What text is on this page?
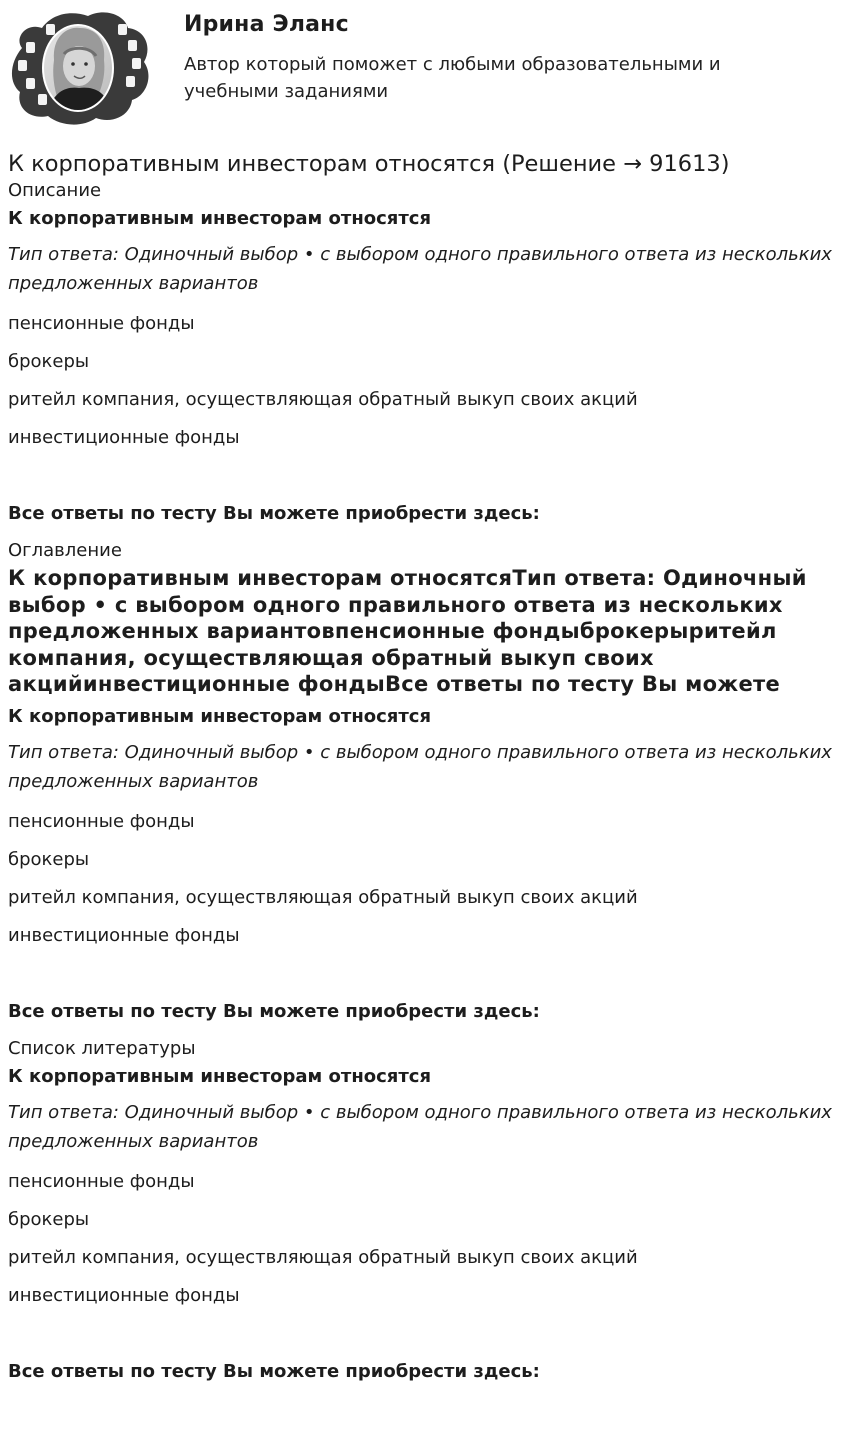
Ирина Эланс
Автор который поможет с любыми образовательными и учебными заданиями
К корпоративным инвесторам относятся (Решение → 91613)
Описание
К корпоративным инвесторам относятся
Тип ответа: Одиночный выбор • с выбором одного правильного ответа из нескольких предложенных вариантов
пенсионные фонды
брокеры
ритейл компания, осуществляющая обратный выкуп своих акций
инвестиционные фонды
Все ответы по тесту Вы можете приобрести здесь:
Оглавление
К корпоративным инвесторам относятсяТип ответа: Одиночный выбор • с выбором одного правильного ответа из нескольких предложенных вариантовпенсионные фондыброкерыритейл компания, осуществляющая обратный выкуп своих акцийинвестиционные фондыВсе ответы по тесту Вы можете
К корпоративным инвесторам относятся
Тип ответа: Одиночный выбор • с выбором одного правильного ответа из нескольких предложенных вариантов
пенсионные фонды
брокеры
ритейл компания, осуществляющая обратный выкуп своих акций
инвестиционные фонды
Все ответы по тесту Вы можете приобрести здесь:
Список литературы
К корпоративным инвесторам относятся
Тип ответа: Одиночный выбор • с выбором одного правильного ответа из нескольких предложенных вариантов
пенсионные фонды
брокеры
ритейл компания, осуществляющая обратный выкуп своих акций
инвестиционные фонды
Все ответы по тесту Вы можете приобрести здесь:
